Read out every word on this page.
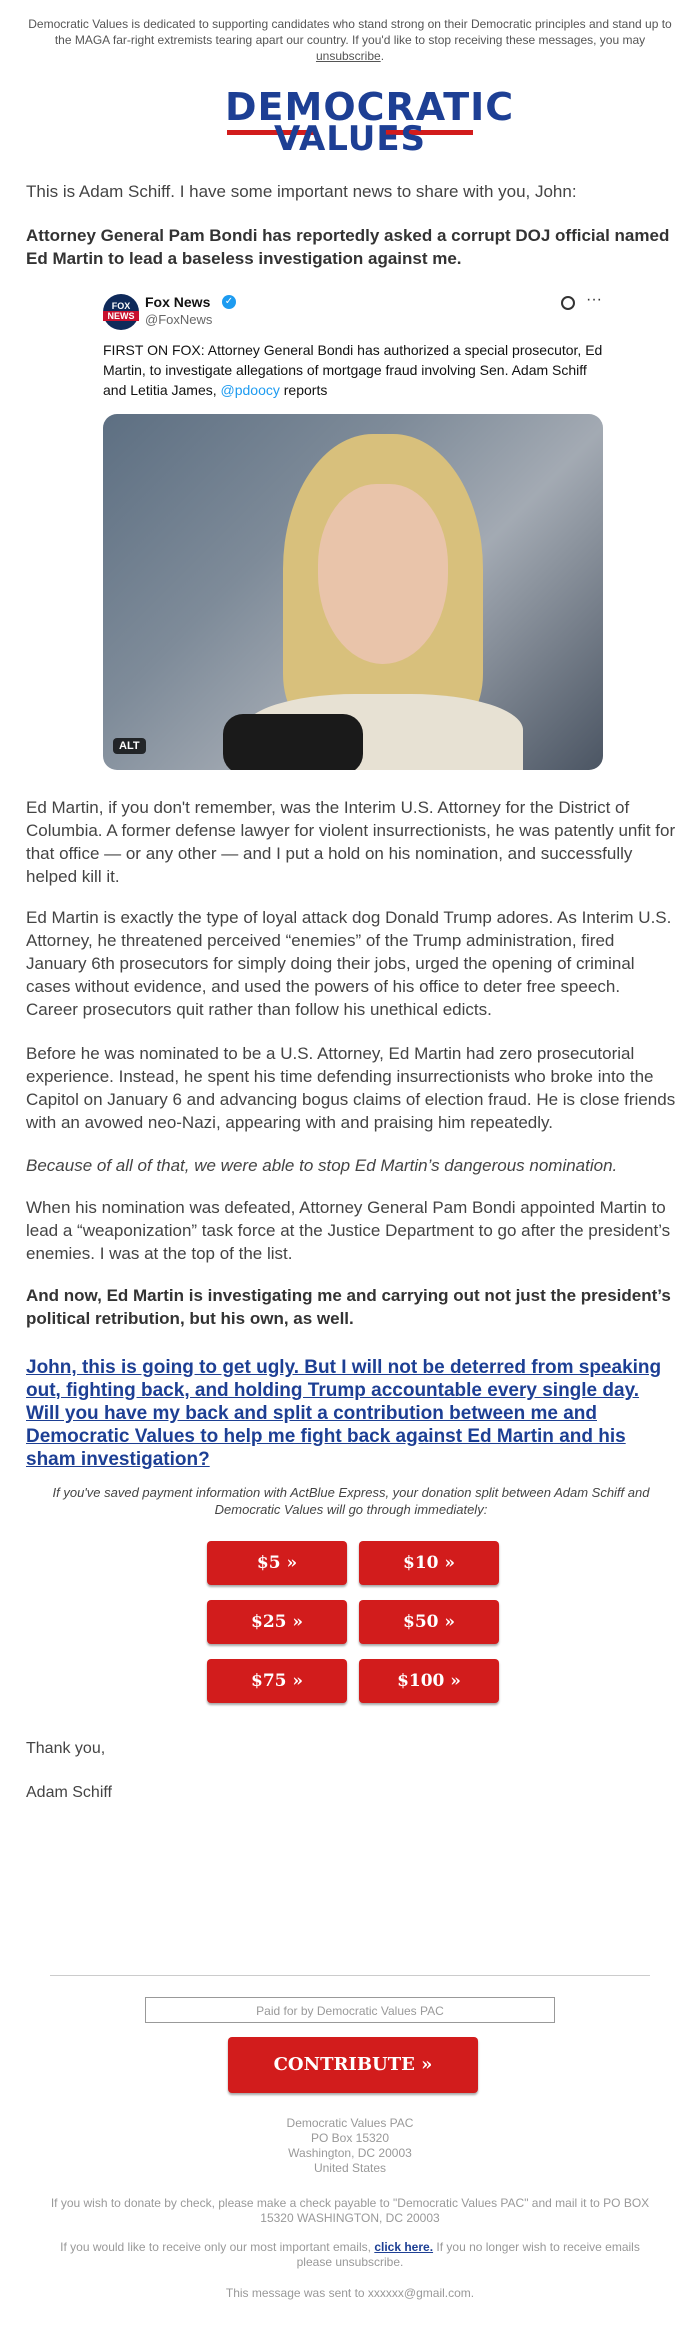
Democratic Values is dedicated to supporting candidates who stand strong on their Democratic principles and stand up to the MAGA far-right extremists tearing apart our country. If you'd like to stop receiving these messages, you may unsubscribe.
DEMOCRATIC
VALUES
This is Adam Schiff. I have some important news to share with you, John:
Attorney General Pam Bondi has reportedly asked a corrupt DOJ official named Ed Martin to lead a baseless investigation against me.
FOX
NEWS
Fox News ✓
@FoxNews
···
FIRST ON FOX: Attorney General Bondi has authorized a special prosecutor, Ed Martin, to investigate allegations of mortgage fraud involving Sen. Adam Schiff and Letitia James, @pdoocy reports
ALT
Ed Martin, if you don't remember, was the Interim U.S. Attorney for the District of Columbia. A former defense lawyer for violent insurrectionists, he was patently unfit for that office — or any other — and I put a hold on his nomination, and successfully helped kill it.
Ed Martin is exactly the type of loyal attack dog Donald Trump adores. As Interim U.S. Attorney, he threatened perceived “enemies” of the Trump administration, fired January 6th prosecutors for simply doing their jobs, urged the opening of criminal cases without evidence, and used the powers of his office to deter free speech. Career prosecutors quit rather than follow his unethical edicts.
Before he was nominated to be a U.S. Attorney, Ed Martin had zero prosecutorial experience. Instead, he spent his time defending insurrectionists who broke into the Capitol on January 6 and advancing bogus claims of election fraud. He is close friends with an avowed neo-Nazi, appearing with and praising him repeatedly.
Because of all of that, we were able to stop Ed Martin’s dangerous nomination.
When his nomination was defeated, Attorney General Pam Bondi appointed Martin to lead a “weaponization” task force at the Justice Department to go after the president’s enemies. I was at the top of the list.
And now, Ed Martin is investigating me and carrying out not just the president’s political retribution, but his own, as well.
John, this is going to get ugly. But I will not be deterred from speaking out, fighting back, and holding Trump accountable every single day. Will you have my back and split a contribution between me and Democratic Values to help me fight back against Ed Martin and his sham investigation?
If you've saved payment information with ActBlue Express, your donation split between Adam Schiff and Democratic Values will go through immediately:
$5 »	$10 »
$25 »	$50 »
$75 »	$100 »
Thank you,
Adam Schiff
Paid for by Democratic Values PAC
CONTRIBUTE »
Democratic Values PAC
PO Box 15320
Washington, DC 20003
United States
If you wish to donate by check, please make a check payable to "Democratic Values PAC" and mail it to PO BOX 15320 WASHINGTON, DC 20003
If you would like to receive only our most important emails, click here. If you no longer wish to receive emails please unsubscribe.
This message was sent to xxxxxx@gmail.com.
